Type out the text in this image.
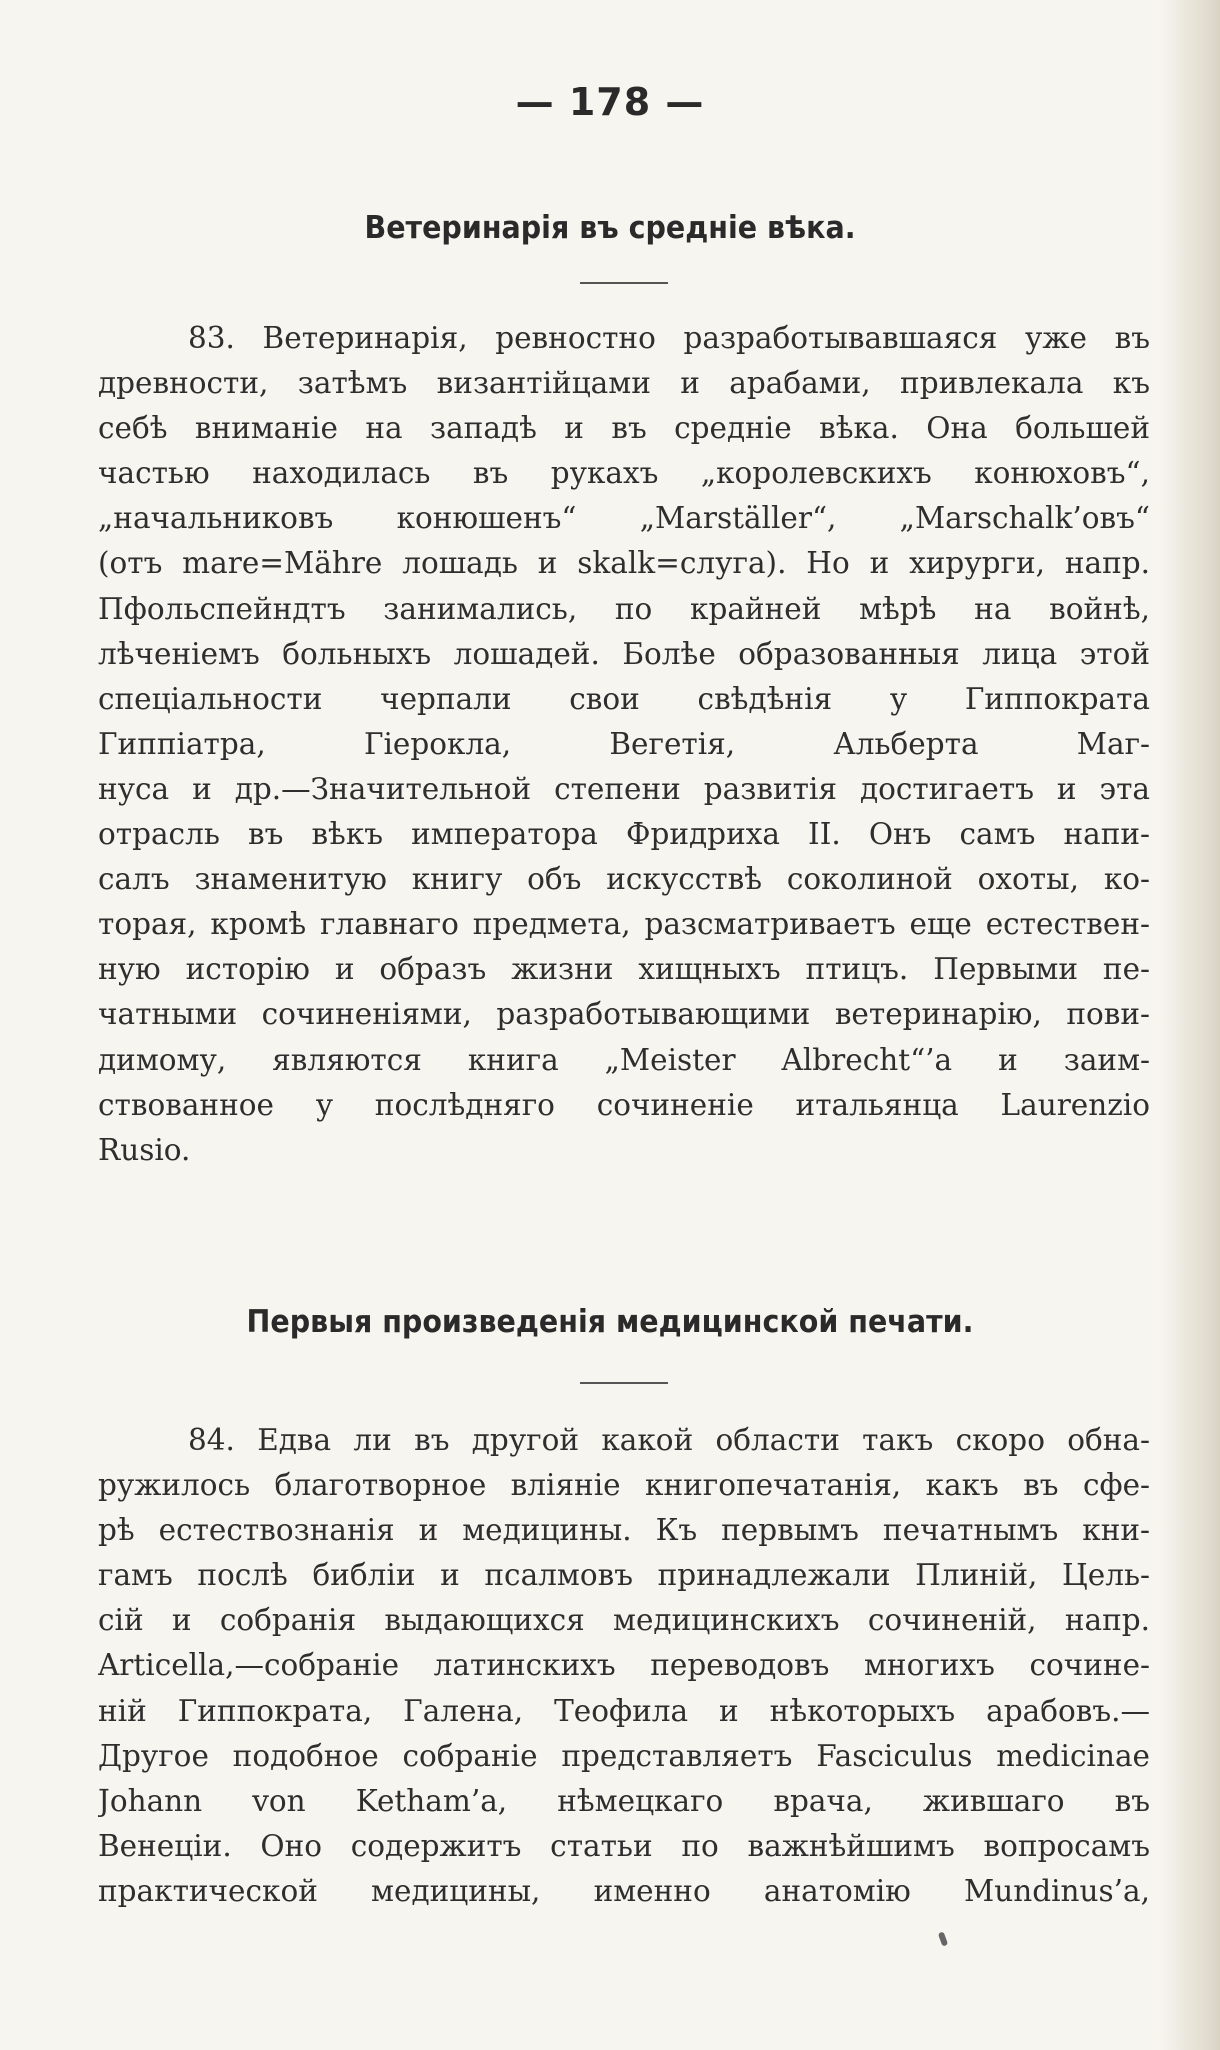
— 178 —
Ветеринарія въ средніе вѣка.
83. Ветеринарія, ревностно разработывавшаяся уже въ
древности, затѣмъ византійцами и арабами, привлекала къ
себѣ вниманіе на западѣ и въ средніе вѣка. Она большей
частью находилась въ рукахъ „королевскихъ конюховъ“,
„начальниковъ конюшенъ“ „Marställer“, „Marschalk’овъ“
(отъ mare=Mähre лошадь и skalk=слуга). Но и хирурги, напр.
Пфольспейндтъ занимались, по крайней мѣрѣ на войнѣ,
лѣченіемъ больныхъ лошадей. Болѣе образованныя лица этой
спеціальности черпали свои свѣдѣнія у Гиппократа
Гиппіатра, Гіерокла, Вегетія, Альберта Маг-
нуса и др.—Значительной степени развитія достигаетъ и эта
отрасль въ вѣкъ императора Фридриха II. Онъ самъ напи-
салъ знаменитую книгу объ искусствѣ соколиной охоты, ко-
торая, кромѣ главнаго предмета, разсматриваетъ еще естествен-
ную исторію и образъ жизни хищныхъ птицъ. Первыми пе-
чатными сочиненіями, разработывающими ветеринарію, пови-
димому, являются книга „Meister Albrecht“’а и заим-
ствованное у послѣдняго сочиненіе итальянца Laurenzio
Rusio.
Первыя произведенія медицинской печати.
84. Едва ли въ другой какой области такъ скоро обна-
ружилось благотворное вліяніе книгопечатанія, какъ въ сфе-
рѣ естествознанія и медицины. Къ первымъ печатнымъ кни-
гамъ послѣ библіи и псалмовъ принадлежали Плиній, Цель-
сій и собранія выдающихся медицинскихъ сочиненій, напр.
Articella,—собраніе латинскихъ переводовъ многихъ сочине-
ній Гиппократа, Галена, Теофила и нѣкоторыхъ арабовъ.—
Другое подобное собраніе представляетъ Fasciculus medicinae
Johann von Ketham’а, нѣмецкаго врача, жившаго въ
Венеціи. Оно содержитъ статьи по важнѣйшимъ вопросамъ
практической медицины, именно анатомію Mundinus’а,
